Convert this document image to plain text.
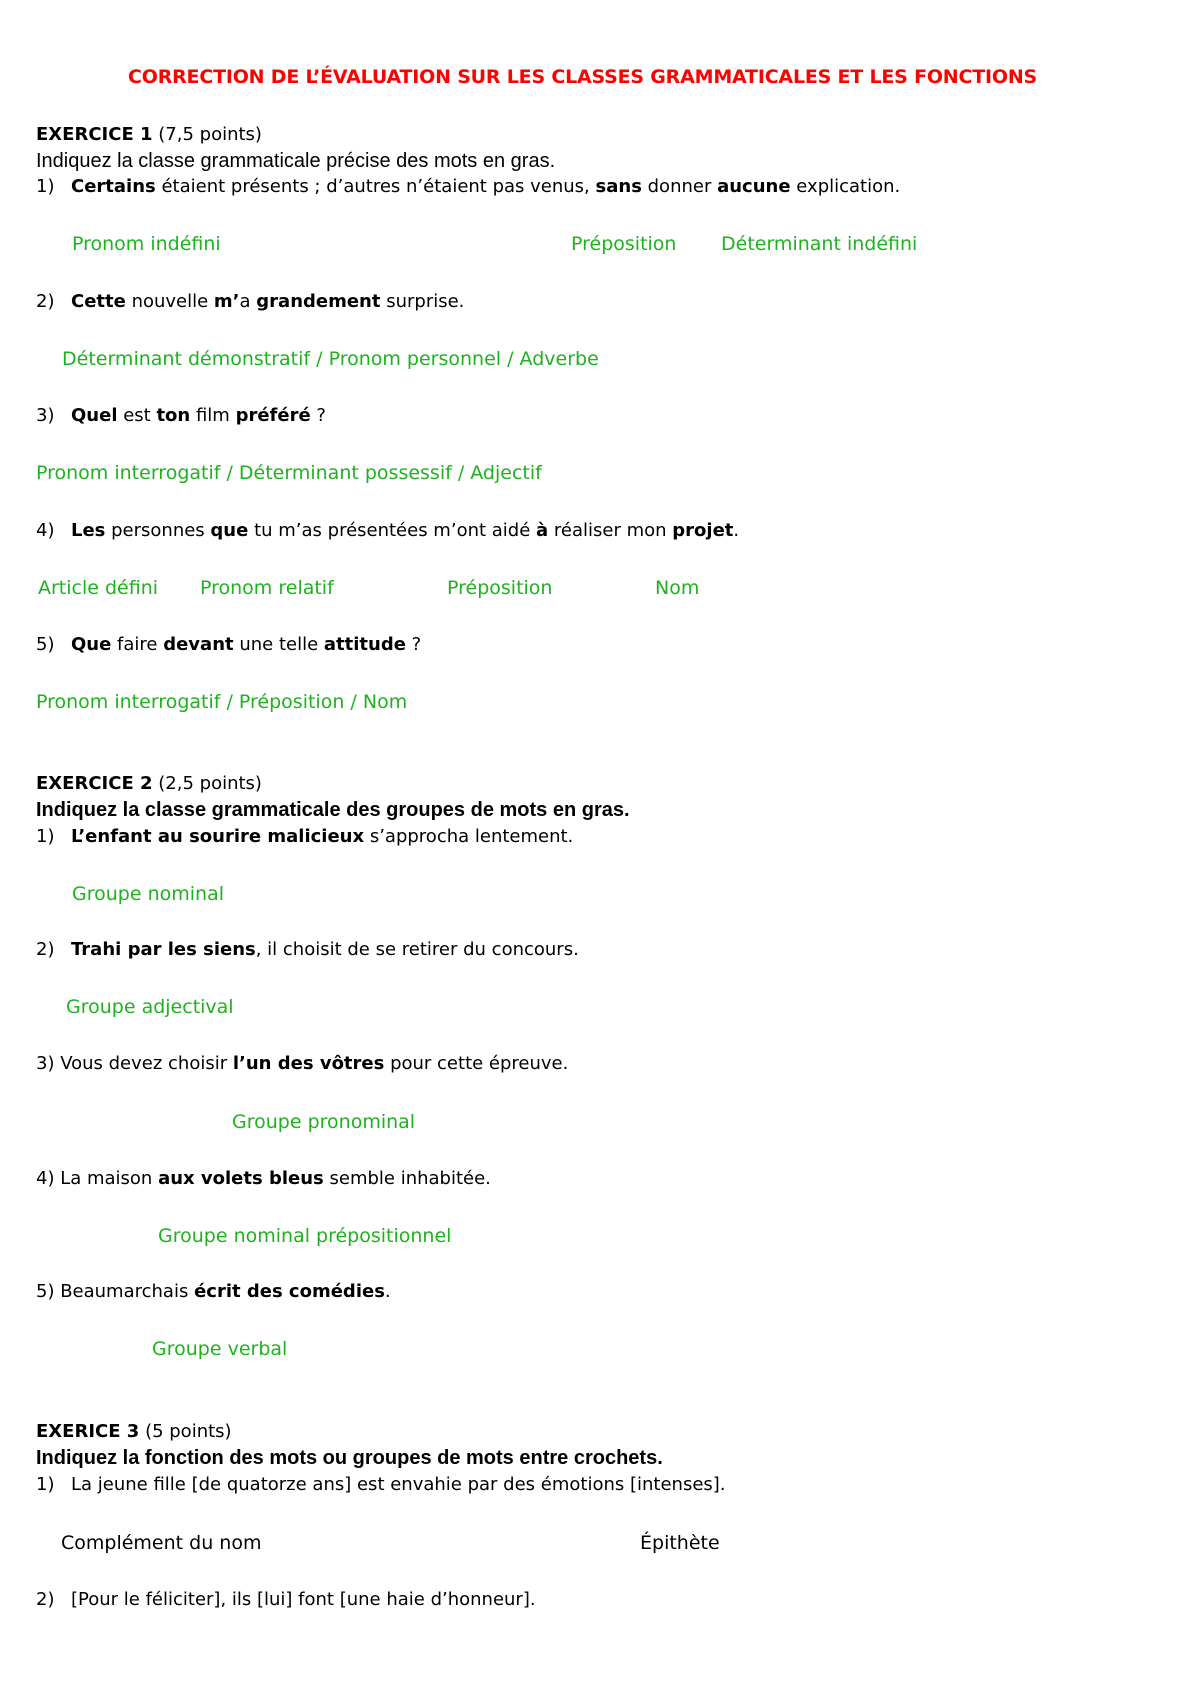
CORRECTION DE L’ÉVALUATION SUR LES CLASSES GRAMMATICALES ET LES FONCTIONS
EXERCICE 1 (7,5 points)
Indiquez la classe grammaticale précise des mots en gras.
1) Certains étaient présents ; d’autres n’étaient pas venus, sans donner aucune explication.
Pronom indéfini	Préposition Déterminant indéfini
2) Cette nouvelle m’a grandement surprise.
Déterminant démonstratif / Pronom personnel / Adverbe
3) Quel est ton film préféré ?
Pronom interrogatif / Déterminant possessif / Adjectif
4) Les personnes que tu m’as présentées m’ont aidé à réaliser mon projet.
Article défini Pronom relatif	Préposition	Nom
5) Que faire devant une telle attitude ?
Pronom interrogatif / Préposition / Nom
EXERCICE 2 (2,5 points)
Indiquez la classe grammaticale des groupes de mots en gras.
1) L’enfant au sourire malicieux s’approcha lentement.
Groupe nominal
2) Trahi par les siens, il choisit de se retirer du concours.
Groupe adjectival
3) Vous devez choisir l’un des vôtres pour cette épreuve.
Groupe pronominal
4) La maison aux volets bleus semble inhabitée.
Groupe nominal prépositionnel
5) Beaumarchais écrit des comédies.
Groupe verbal
EXERICE 3 (5 points)
Indiquez la fonction des mots ou groupes de mots entre crochets.
1) La jeune fille [de quatorze ans] est envahie par des émotions [intenses].
Complément du nom	Épithète
2) [Pour le féliciter], ils [lui] font [une haie d’honneur].
